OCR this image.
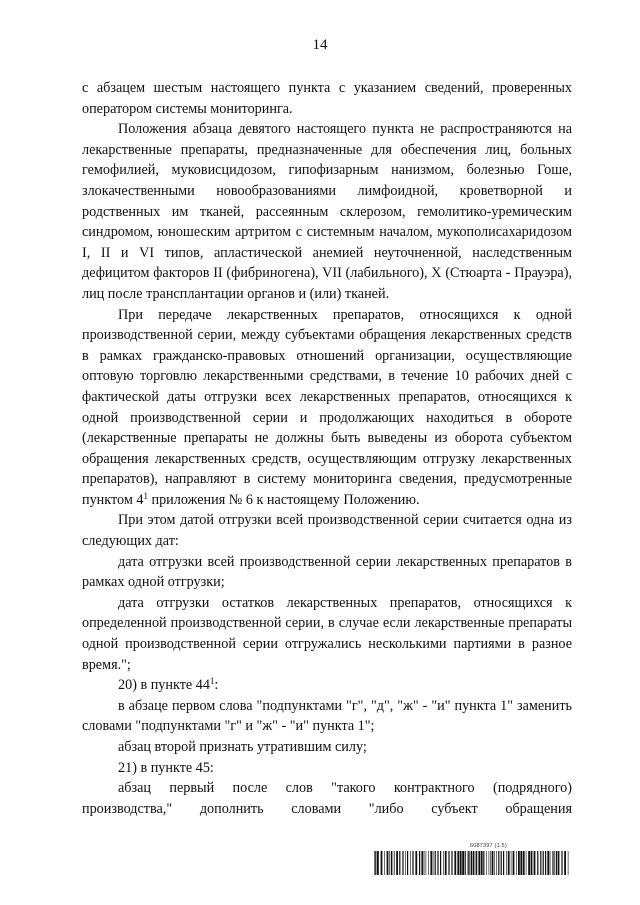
14

с абзацем шестым настоящего пункта с указанием сведений, проверенных оператором системы мониторинга.

Положения абзаца девятого настоящего пункта не распространяются на лекарственные препараты, предназначенные для обеспечения лиц, больных гемофилией, муковисцидозом, гипофизарным нанизмом, болезнью Гоше, злокачественными новообразованиями лимфоидной, кроветворной и родственных им тканей, рассеянным склерозом, гемолитико-уремическим синдромом, юношеским артритом с системным началом, мукополисахаридозом I, II и VI типов, апластической анемией неуточненной, наследственным дефицитом факторов II (фибриногена), VII (лабильного), X (Стюарта - Прауэра), лиц после трансплантации органов и (или) тканей.

При передаче лекарственных препаратов, относящихся к одной производственной серии, между субъектами обращения лекарственных средств в рамках гражданско-правовых отношений организации, осуществляющие оптовую торговлю лекарственными средствами, в течение 10 рабочих дней с фактической даты отгрузки всех лекарственных препаратов, относящихся к одной производственной серии и продолжающих находиться в обороте (лекарственные препараты не должны быть выведены из оборота субъектом обращения лекарственных средств, осуществляющим отгрузку лекарственных препаратов), направляют в систему мониторинга сведения, предусмотренные пунктом $4^1$ приложения № 6 к настоящему Положению.

При этом датой отгрузки всей производственной серии считается одна из следующих дат:

дата отгрузки всей производственной серии лекарственных препаратов в рамках одной отгрузки;

дата отгрузки остатков лекарственных препаратов, относящихся к определенной производственной серии, в случае если лекарственные препараты одной производственной серии отгружались несколькими партиями в разное время.";

20) в пункте $44^1$:

в абзаце первом слова "подпунктами "г", "д", "ж" - "и" пункта 1" заменить словами "подпунктами "г" и "ж" - "и" пункта 1";

абзац второй признать утратившим силу;

21) в пункте 45:

абзац первый после слов "такого контрактного (подрядного) производства," дополнить словами "либо субъект обращения

6087397 (1.5)
